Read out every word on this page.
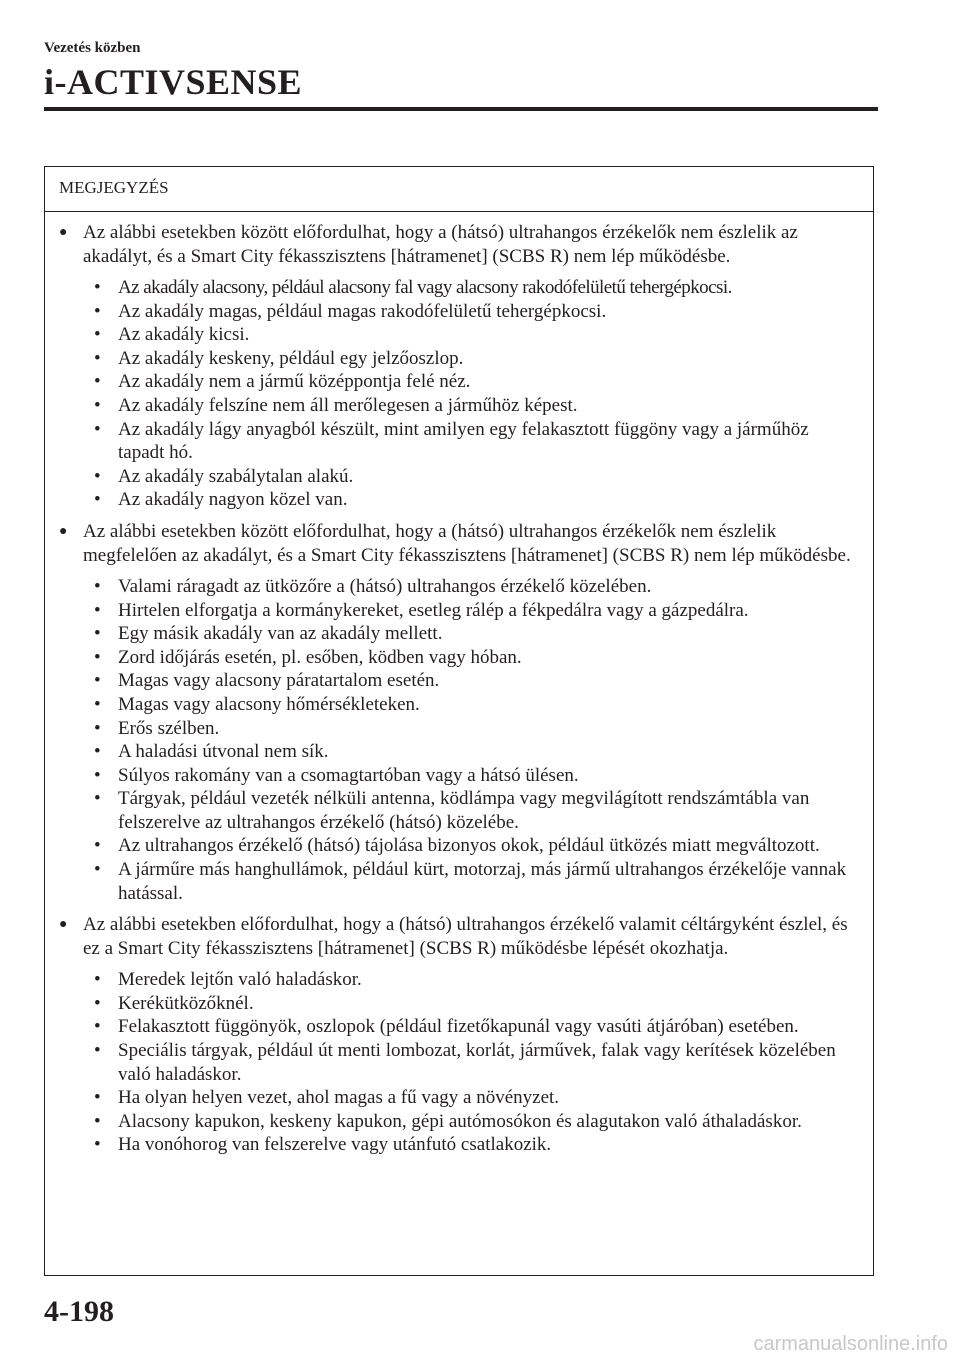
Vezetés közben
i-ACTIVSENSE
MEGJEGYZÉS
● Az alábbi esetekben között előfordulhat, hogy a (hátsó) ultrahangos érzékelők nem észlelik az akadályt, és a Smart City fékasszisztens [hátramenet] (SCBS R) nem lép működésbe.
• Az akadály alacsony, például alacsony fal vagy alacsony rakodófelületű tehergépkocsi.
• Az akadály magas, például magas rakodófelületű tehergépkocsi.
• Az akadály kicsi.
• Az akadály keskeny, például egy jelzőoszlop.
• Az akadály nem a jármű középpontja felé néz.
• Az akadály felszíne nem áll merőlegesen a járműhöz képest.
• Az akadály lágy anyagból készült, mint amilyen egy felakasztott függöny vagy a járműhöz tapadt hó.
• Az akadály szabálytalan alakú.
• Az akadály nagyon közel van.
● Az alábbi esetekben között előfordulhat, hogy a (hátsó) ultrahangos érzékelők nem észlelik megfelelően az akadályt, és a Smart City fékasszisztens [hátramenet] (SCBS R) nem lép működésbe.
• Valami ráragadt az ütközőre a (hátsó) ultrahangos érzékelő közelében.
• Hirtelen elforgatja a kormánykereket, esetleg rálép a fékpedálra vagy a gázpedálra.
• Egy másik akadály van az akadály mellett.
• Zord időjárás esetén, pl. esőben, ködben vagy hóban.
• Magas vagy alacsony páratartalom esetén.
• Magas vagy alacsony hőmérsékleteken.
• Erős szélben.
• A haladási útvonal nem sík.
• Súlyos rakomány van a csomagtartóban vagy a hátsó ülésen.
• Tárgyak, például vezeték nélküli antenna, ködlámpa vagy megvilágított rendszámtábla van felszerelve az ultrahangos érzékelő (hátsó) közelébe.
• Az ultrahangos érzékelő (hátsó) tájolása bizonyos okok, például ütközés miatt megváltozott.
• A járműre más hanghullámok, például kürt, motorzaj, más jármű ultrahangos érzékelője vannak hatással.
● Az alábbi esetekben előfordulhat, hogy a (hátsó) ultrahangos érzékelő valamit céltárgyként észlel, és ez a Smart City fékasszisztens [hátramenet] (SCBS R) működésbe lépését okozhatja.
• Meredek lejtőn való haladáskor.
• Kerékütközőknél.
• Felakasztott függönyök, oszlopok (például fizetőkapunál vagy vasúti átjáróban) esetében.
• Speciális tárgyak, például út menti lombozat, korlát, járművek, falak vagy kerítések közelében való haladáskor.
• Ha olyan helyen vezet, ahol magas a fű vagy a növényzet.
• Alacsony kapukon, keskeny kapukon, gépi autómosókon és alagutakon való áthaladáskor.
• Ha vonóhorog van felszerelve vagy utánfutó csatlakozik.
4-198
carmanualsonline.info
